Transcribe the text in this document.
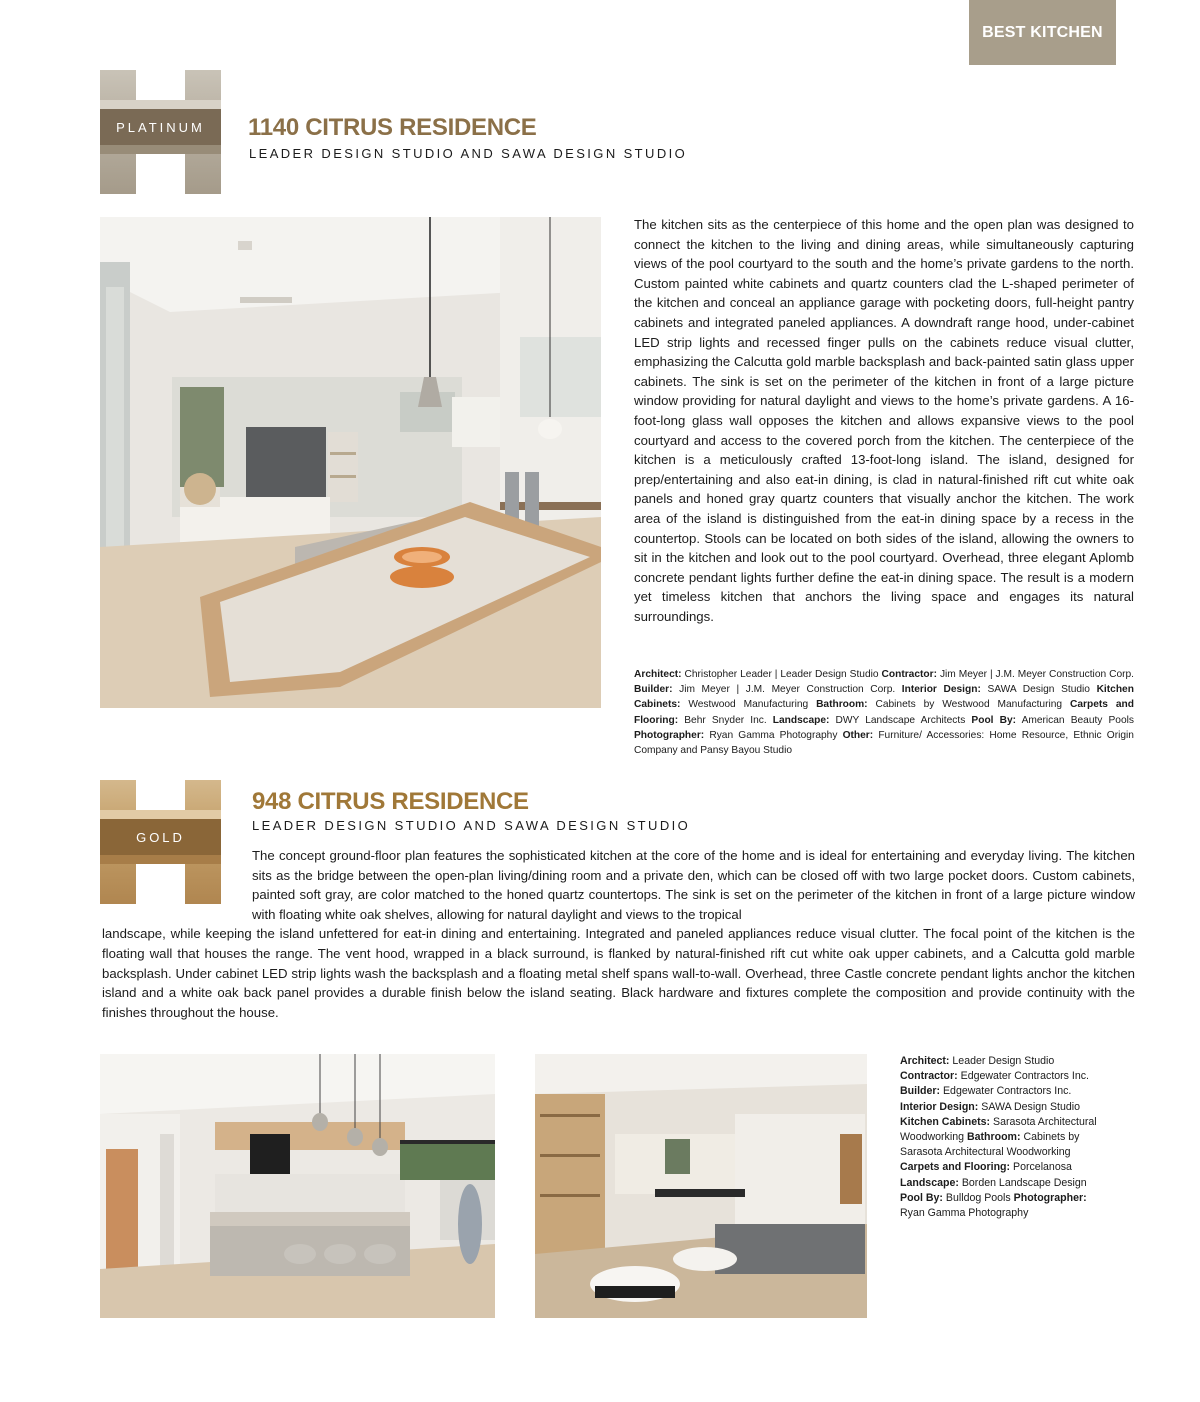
BEST KITCHEN
PLATINUM	1140 CITRUS RESIDENCE
LEADER DESIGN STUDIO AND SAWA DESIGN STUDIO
The kitchen sits as the centerpiece of this home and the open plan was designed to connect the kitchen to the living and dining areas, while simultaneously capturing views of the pool courtyard to the south and the home’s private gardens to the north. Custom painted white cabinets and quartz counters clad the L-shaped perimeter of the kitchen and conceal an appliance garage with pocketing doors, full-height pantry cabinets and integrated paneled appliances. A downdraft range hood, under-cabinet LED strip lights and recessed finger pulls on the cabinets reduce visual clutter, emphasizing the Calcutta gold marble backsplash and back-painted satin glass upper cabinets. The sink is set on the perimeter of the kitchen in front of a large picture window providing for natural daylight and views to the home’s private gardens. A 16-foot-long glass wall opposes the kitchen and allows expansive views to the pool courtyard and access to the covered porch from the kitchen. The centerpiece of the kitchen is a meticulously crafted 13-foot-long island. The island, designed for prep/entertaining and also eat-in dining, is clad in natural-finished rift cut white oak panels and honed gray quartz counters that visually anchor the kitchen. The work area of the island is distinguished from the eat-in dining space by a recess in the countertop. Stools can be located on both sides of the island, allowing the owners to sit in the kitchen and look out to the pool courtyard. Overhead, three elegant Aplomb concrete pendant lights further define the eat-in dining space. The result is a modern yet timeless kitchen that anchors the living space and engages its natural surroundings.
Architect: Christopher Leader | Leader Design Studio Contractor: Jim Meyer | J.M. Meyer Construction Corp. Builder: Jim Meyer | J.M. Meyer Construction Corp. Interior Design: SAWA Design Studio Kitchen Cabinets: Westwood Manufacturing Bathroom: Cabinets by Westwood Manufacturing Carpets and Flooring: Behr Snyder Inc. Landscape: DWY Landscape Architects Pool By: American Beauty Pools Photographer: Ryan Gamma Photography Other: Furniture/ Accessories: Home Resource, Ethnic Origin Company and Pansy Bayou Studio
GOLD
948 CITRUS RESIDENCE
LEADER DESIGN STUDIO AND SAWA DESIGN STUDIO
The concept ground-floor plan features the sophisticated kitchen at the core of the home and is ideal for entertaining and everyday living. The kitchen sits as the bridge between the open-plan living/dining room and a private den, which can be closed off with two large pocket doors. Custom cabinets, painted soft gray, are color matched to the honed quartz countertops. The sink is set on the perimeter of the kitchen in front of a large picture window with floating white oak shelves, allowing for natural daylight and views to the tropical
landscape, while keeping the island unfettered for eat-in dining and entertaining. Integrated and paneled appliances reduce visual clutter. The focal point of the kitchen is the floating wall that houses the range. The vent hood, wrapped in a black surround, is flanked by natural-finished rift cut white oak upper cabinets, and a Calcutta gold marble backsplash. Under cabinet LED strip lights wash the backsplash and a floating metal shelf spans wall-to-wall. Overhead, three Castle concrete pendant lights anchor the kitchen island and a white oak back panel provides a durable finish below the island seating. Black hardware and fixtures complete the composition and provide continuity with the finishes throughout the house.
Architect: Leader Design Studio
Contractor: Edgewater Contractors Inc. Builder: Edgewater Contractors Inc.
Interior Design: SAWA Design Studio
Kitchen Cabinets: Sarasota Architectural Woodworking Bathroom: Cabinets by Sarasota Architectural Woodworking
Carpets and Flooring: Porcelanosa
Landscape: Borden Landscape Design
Pool By: Bulldog Pools Photographer: Ryan Gamma Photography
